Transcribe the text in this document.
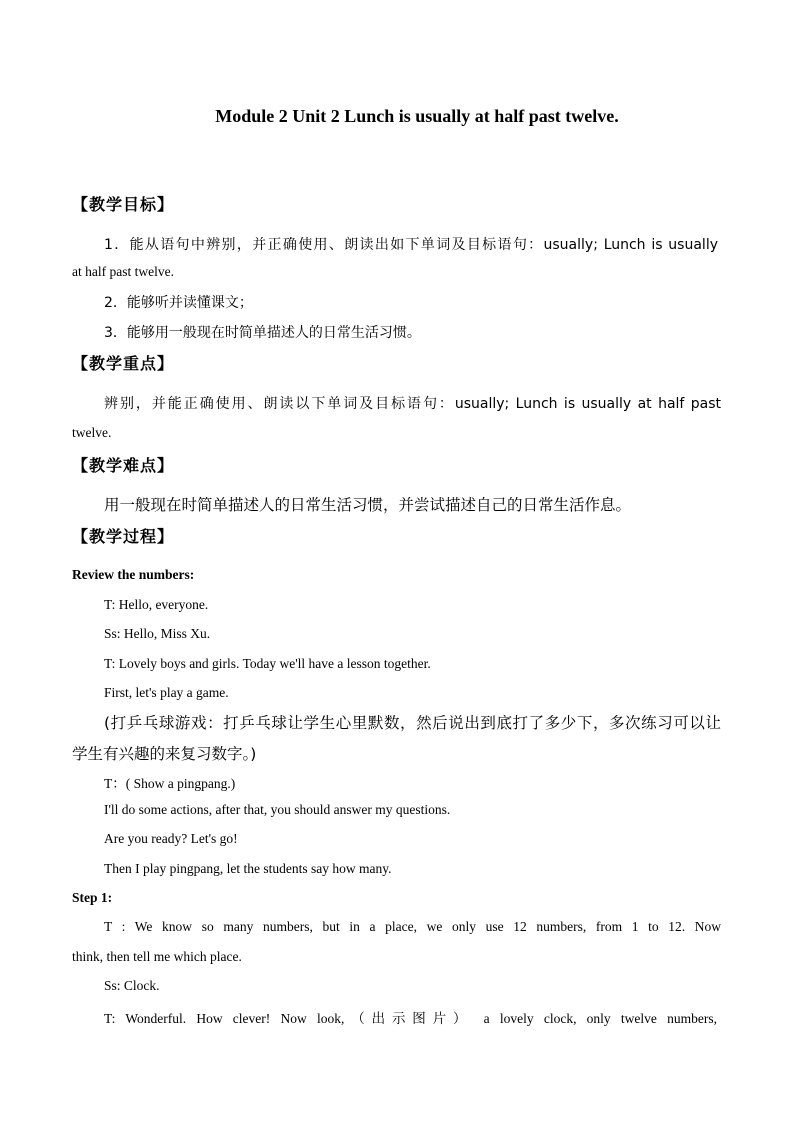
Module 2 Unit 2 Lunch is usually at half past twelve.
【教学目标】
1．能从语句中辨别，并正确使用、朗读出如下单词及目标语句：usually; Lunch is usually
at half past twelve.
2．能够听并读懂课文；
3．能够用一般现在时简单描述人的日常生活习惯。
【教学重点】
辨别，并能正确使用、朗读以下单词及目标语句：usually; Lunch is usually at half past
twelve.
【教学难点】
用一般现在时简单描述人的日常生活习惯，并尝试描述自己的日常生活作息。
【教学过程】
Review the numbers:
T: Hello, everyone.
Ss: Hello, Miss Xu.
T: Lovely boys and girls. Today we'll have a lesson together.
First, let's play a game.
(打乒乓球游戏：打乒乓球让学生心里默数，然后说出到底打了多少下，多次练习可以让
学生有兴趣的来复习数字。)
T：( Show a pingpang.)
I'll do some actions, after that, you should answer my questions.
Are you ready? Let's go!
Then I play pingpang, let the students say how many.
Step 1:
T : We know so many numbers, but in a place, we only use 12 numbers, from 1 to 12. Now
think, then tell me which place.
Ss: Clock.
T: Wonderful. How clever! Now look,（出示图片） a lovely clock, only twelve numbers,
